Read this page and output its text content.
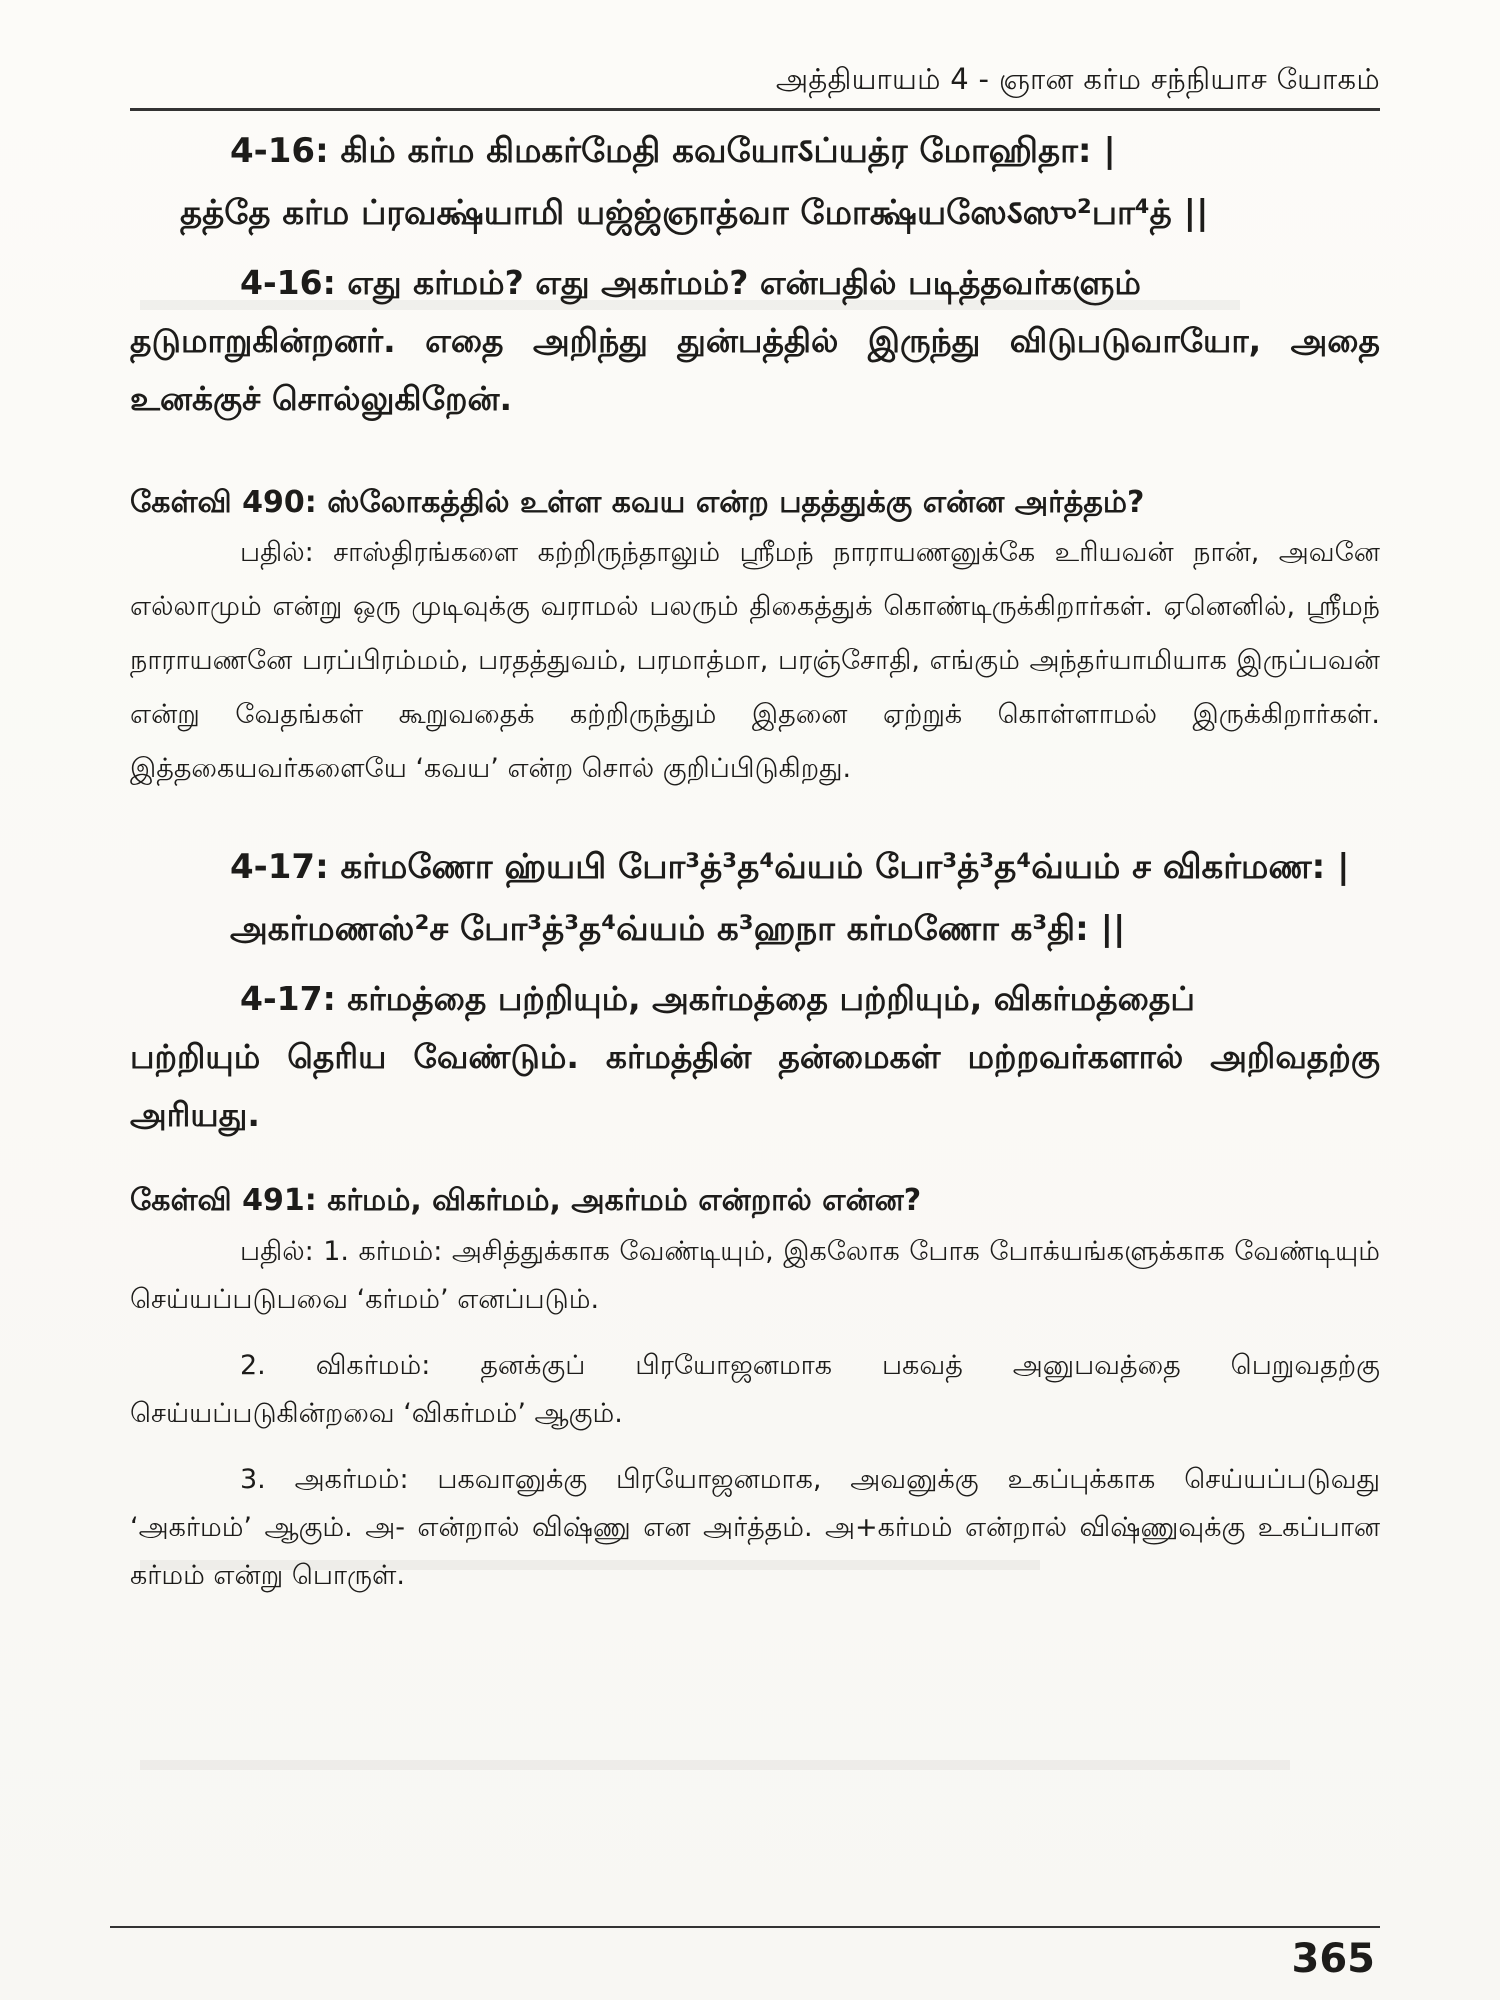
அத்தியாயம் 4 - ஞான கர்ம சந்நியாச யோகம்

4-16: கிம் கர்ம கிமகர்மேதி கவயோऽப்யத்ர மோஹிதா: |

தத்தே கர்ம ப்ரவக்ஷ்யாமி யஜ்ஜ்ஞாத்வா மோக்ஷ்யஸேऽஸு²பா⁴த் ||

4-16: எது கர்மம்? எது அகர்மம்? என்பதில் படித்தவர்களும்
தடுமாறுகின்றனர். எதை அறிந்து துன்பத்தில் இருந்து விடுபடுவாயோ, அதை உனக்குச் சொல்லுகிறேன்.

கேள்வி 490: ஸ்லோகத்தில் உள்ள கவய என்ற பதத்துக்கு என்ன அர்த்தம்?

பதில்: சாஸ்திரங்களை கற்றிருந்தாலும் ஸ்ரீமந் நாராயணனுக்கே உரியவன் நான், அவனே எல்லாமும் என்று ஒரு முடிவுக்கு வராமல் பலரும் திகைத்துக் கொண்டிருக்கிறார்கள். ஏனெனில், ஸ்ரீமந் நாராயணனே பரப்பிரம்மம், பரதத்துவம், பரமாத்மா, பரஞ்சோதி, எங்கும் அந்தர்யாமியாக இருப்பவன் என்று வேதங்கள் கூறுவதைக் கற்றிருந்தும் இதனை ஏற்றுக் கொள்ளாமல் இருக்கிறார்கள். இத்தகையவர்களையே ‘கவய’ என்ற சொல் குறிப்பிடுகிறது.

4-17: கர்மணோ ஹ்யபி போ³த்³த⁴வ்யம் போ³த்³த⁴வ்யம் ச விகர்மண: |

அகர்மணஸ்²ச போ³த்³த⁴வ்யம் க³ஹநா கர்மணோ க³தி: ||

4-17: கர்மத்தை பற்றியும், அகர்மத்தை பற்றியும், விகர்மத்தைப்
பற்றியும் தெரிய வேண்டும். கர்மத்தின் தன்மைகள் மற்றவர்களால் அறிவதற்கு அரியது.

கேள்வி 491: கர்மம், விகர்மம், அகர்மம் என்றால் என்ன?

பதில்: 1. கர்மம்: அசித்துக்காக வேண்டியும், இகலோக போக போக்யங்களுக்காக வேண்டியும் செய்யப்படுபவை ‘கர்மம்’ எனப்படும்.

2. விகர்மம்: தனக்குப் பிரயோஜனமாக பகவத் அனுபவத்தை பெறுவதற்கு செய்யப்படுகின்றவை ‘விகர்மம்’ ஆகும்.

3. அகர்மம்: பகவானுக்கு பிரயோஜனமாக, அவனுக்கு உகப்புக்காக செய்யப்படுவது ‘அகர்மம்’ ஆகும். அ- என்றால் விஷ்ணு என அர்த்தம். அ+கர்மம் என்றால் விஷ்ணுவுக்கு உகப்பான கர்மம் என்று பொருள்.

365
